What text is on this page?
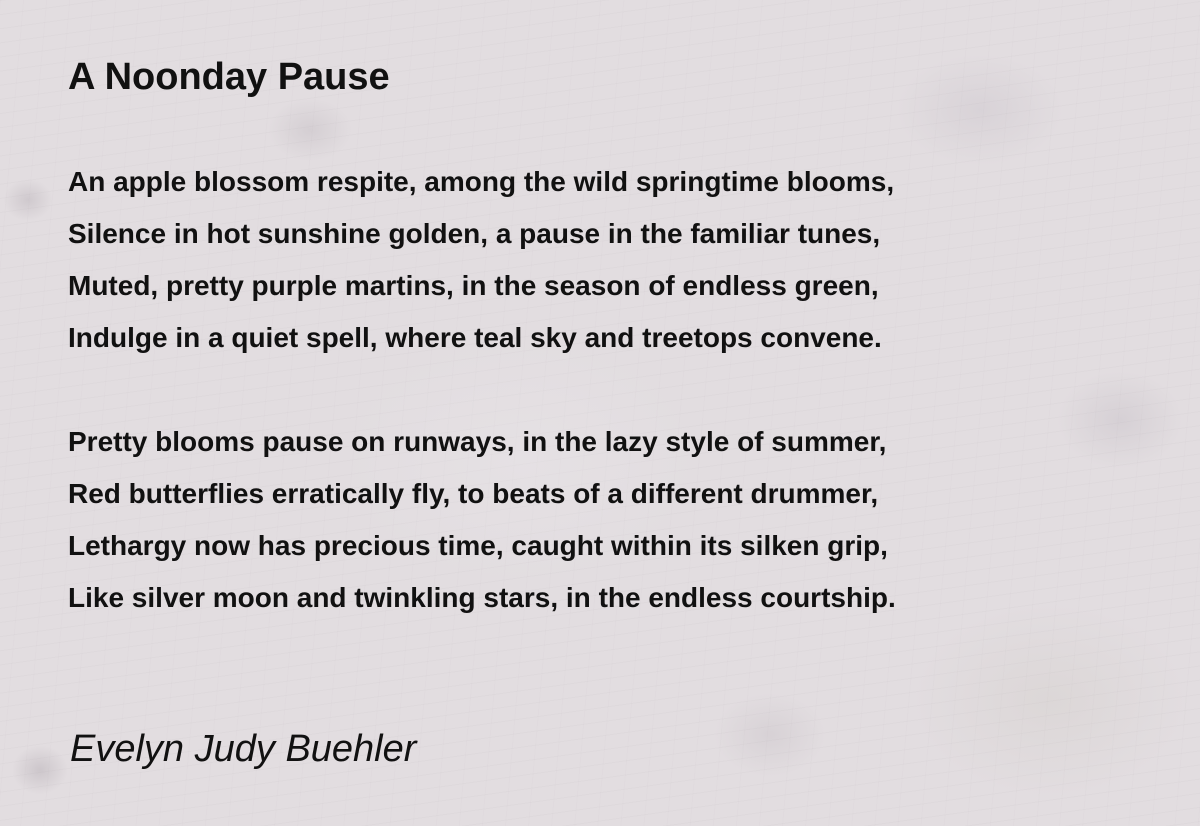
A Noonday Pause
An apple blossom respite, among the wild springtime blooms,
Silence in hot sunshine golden, a pause in the familiar tunes,
Muted, pretty purple martins, in the season of endless green,
Indulge in a quiet spell, where teal sky and treetops convene.
Pretty blooms pause on runways, in the lazy style of summer,
Red butterflies erratically fly, to beats of a different drummer,
Lethargy now has precious time, caught within its silken grip,
Like silver moon and twinkling stars, in the endless courtship.

Evelyn Judy Buehler
